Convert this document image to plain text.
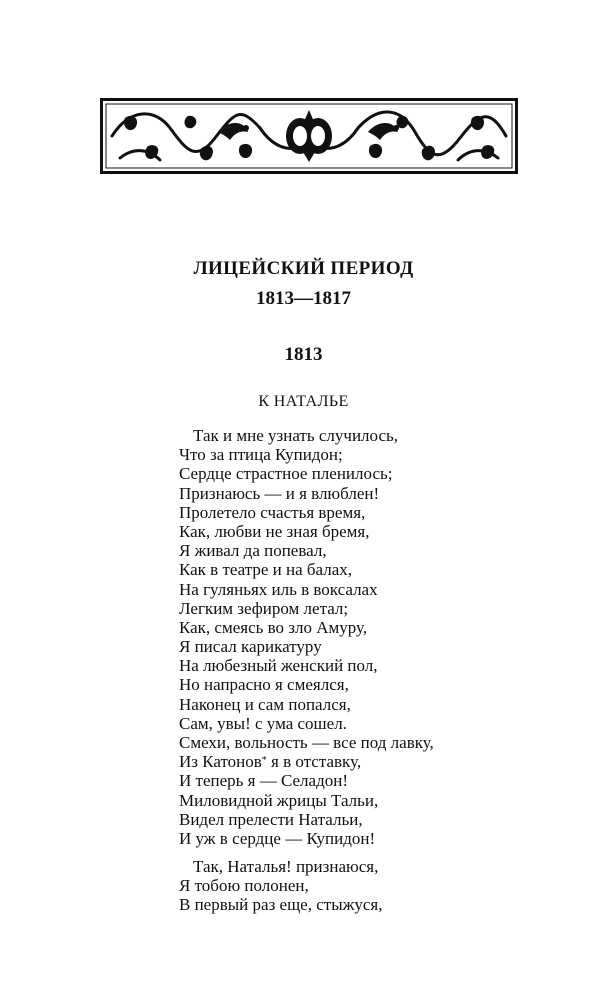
ЛИЦЕЙСКИЙ ПЕРИОД
1813—1817
1813
К НАТАЛЬЕ
Так и мне узнать случилось,
Что за птица Купидон;
Сердце страстное пленилось;
Признаюсь — и я влюблен!
Пролетело счастья время,
Как, любви не зная бремя,
Я живал да попевал,
Как в театре и на балах,
На гуляньях иль в воксалах
Легким зефиром летал;
Как, смеясь во зло Амуру,
Я писал карикатуру
На любезный женский пол,
Но напрасно я смеялся,
Наконец и сам попался,
Сам, увы! с ума сошел.
Смехи, вольность — все под лавку,
Из Катонов* я в отставку,
И теперь я — Селадон!
Миловидной жрицы Тальи,
Видел прелести Натальи,
И уж в сердце — Купидон!
Так, Наталья! признаюся,
Я тобою полонен,
В первый раз еще, стыжуся,
